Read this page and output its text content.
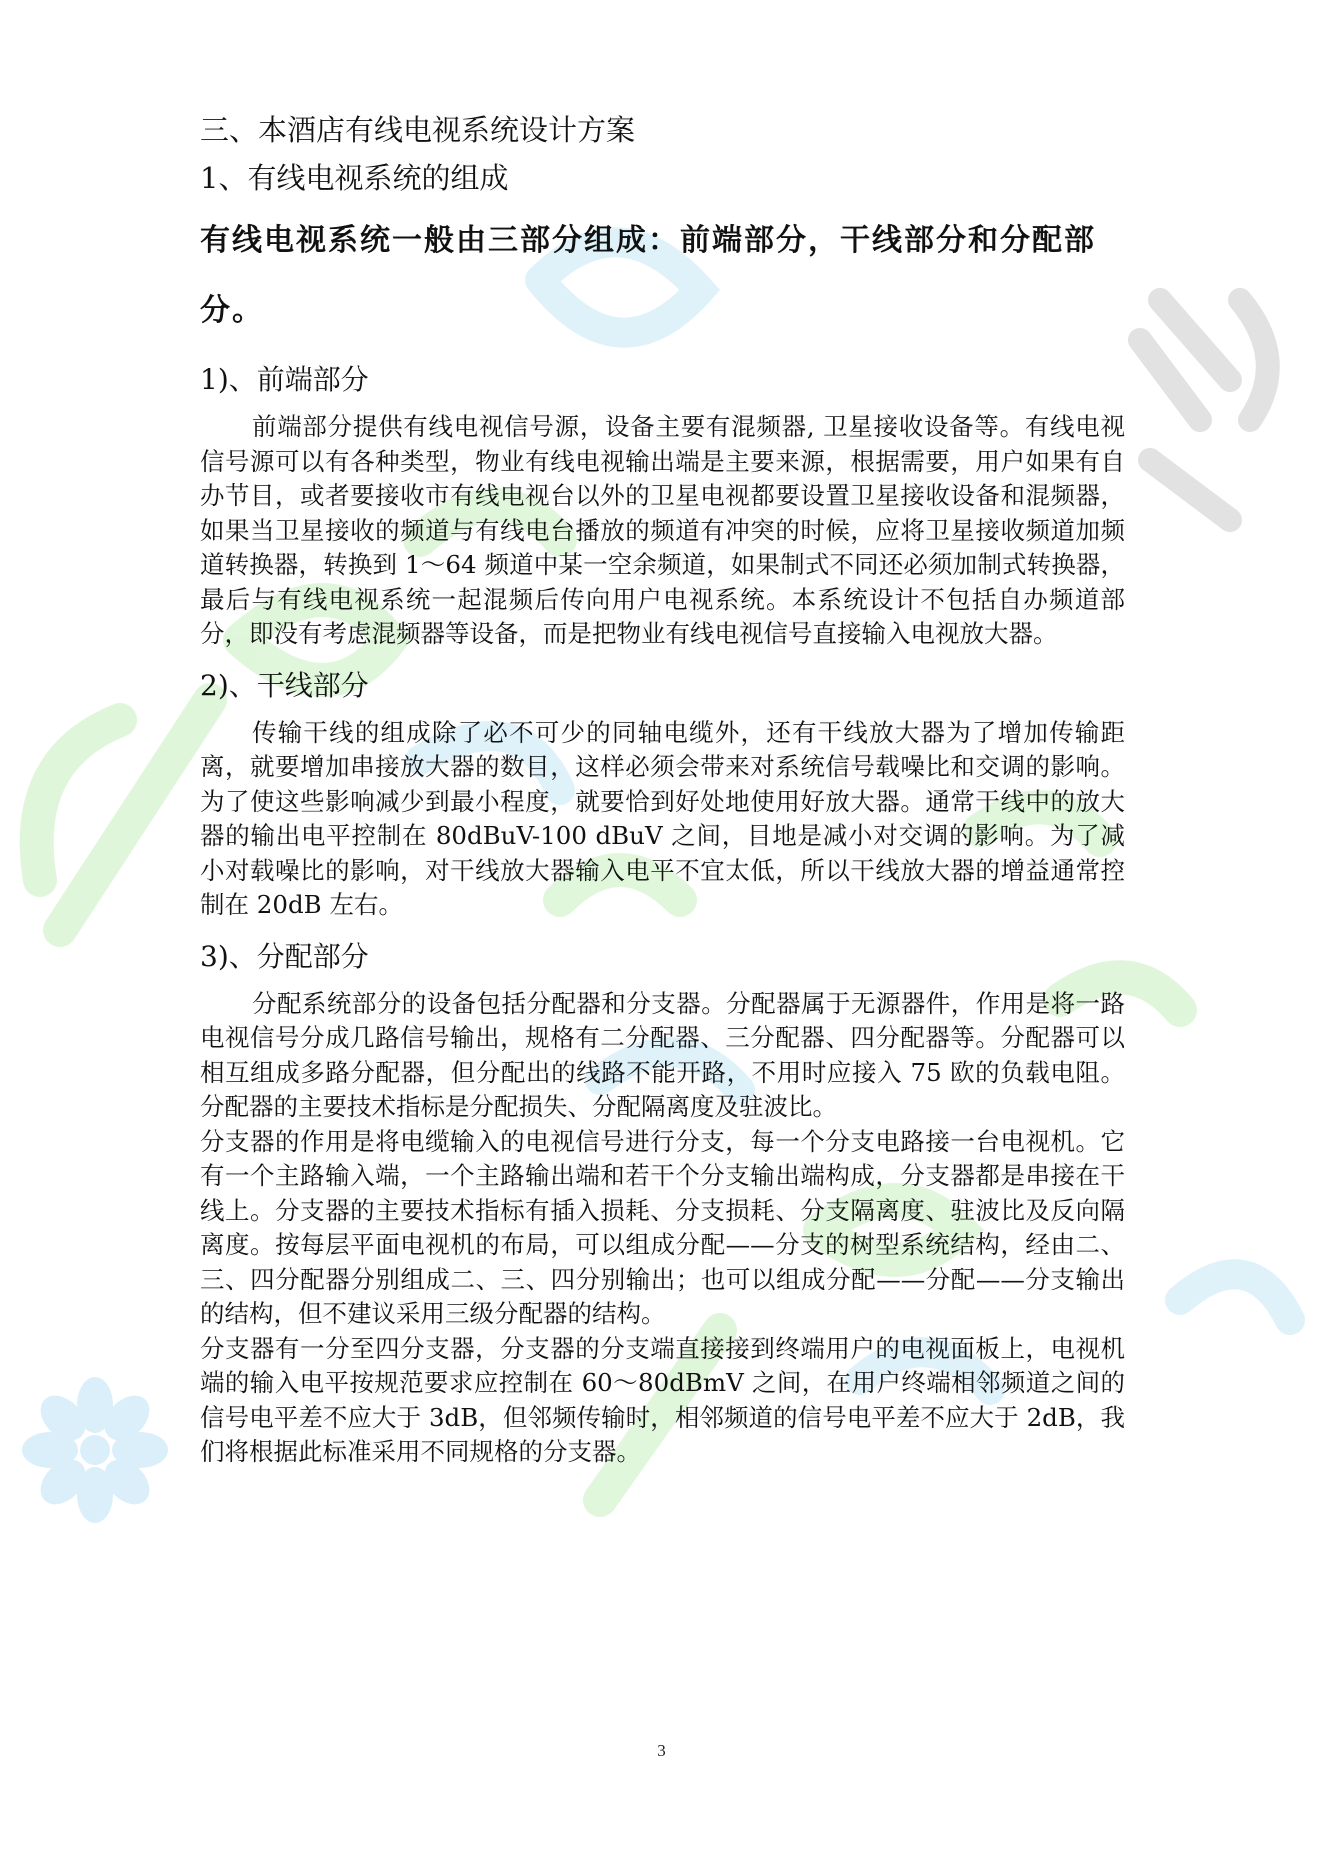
三、本酒店有线电视系统设计方案

1、有线电视系统的组成

有线电视系统一般由三部分组成：前端部分，干线部分和分配部分。

1)、前端部分

前端部分提供有线电视信号源，设备主要有混频器, 卫星接收设备等。有线电视信号源可以有各种类型，物业有线电视输出端是主要来源，根据需要，用户如果有自办节目，或者要接收市有线电视台以外的卫星电视都要设置卫星接收设备和混频器，如果当卫星接收的频道与有线电台播放的频道有冲突的时候，应将卫星接收频道加频道转换器，转换到 1～64 频道中某一空余频道，如果制式不同还必须加制式转换器，最后与有线电视系统一起混频后传向用户电视系统。本系统设计不包括自办频道部分，即没有考虑混频器等设备，而是把物业有线电视信号直接输入电视放大器。

2)、干线部分

传输干线的组成除了必不可少的同轴电缆外，还有干线放大器为了增加传输距离，就要增加串接放大器的数目，这样必须会带来对系统信号载噪比和交调的影响。为了使这些影响减少到最小程度，就要恰到好处地使用好放大器。通常干线中的放大器的输出电平控制在 80dBuV-100 dBuV 之间，目地是减小对交调的影响。为了减小对载噪比的影响，对干线放大器输入电平不宜太低，所以干线放大器的增益通常控制在 20dB 左右。

3)、分配部分

分配系统部分的设备包括分配器和分支器。分配器属于无源器件，作用是将一路电视信号分成几路信号输出，规格有二分配器、三分配器、四分配器等。分配器可以相互组成多路分配器，但分配出的线路不能开路，不用时应接入 75 欧的负载电阻。分配器的主要技术指标是分配损失、分配隔离度及驻波比。

分支器的作用是将电缆输入的电视信号进行分支，每一个分支电路接一台电视机。它有一个主路输入端，一个主路输出端和若干个分支输出端构成，分支器都是串接在干线上。分支器的主要技术指标有插入损耗、分支损耗、分支隔离度、驻波比及反向隔离度。按每层平面电视机的布局，可以组成分配——分支的树型系统结构，经由二、三、四分配器分别组成二、三、四分别输出；也可以组成分配——分配——分支输出的结构，但不建议采用三级分配器的结构。

分支器有一分至四分支器，分支器的分支端直接接到终端用户的电视面板上，电视机端的输入电平按规范要求应控制在 60～80dBmV 之间，在用户终端相邻频道之间的信号电平差不应大于 3dB，但邻频传输时，相邻频道的信号电平差不应大于 2dB，我们将根据此标准采用不同规格的分支器。

3
